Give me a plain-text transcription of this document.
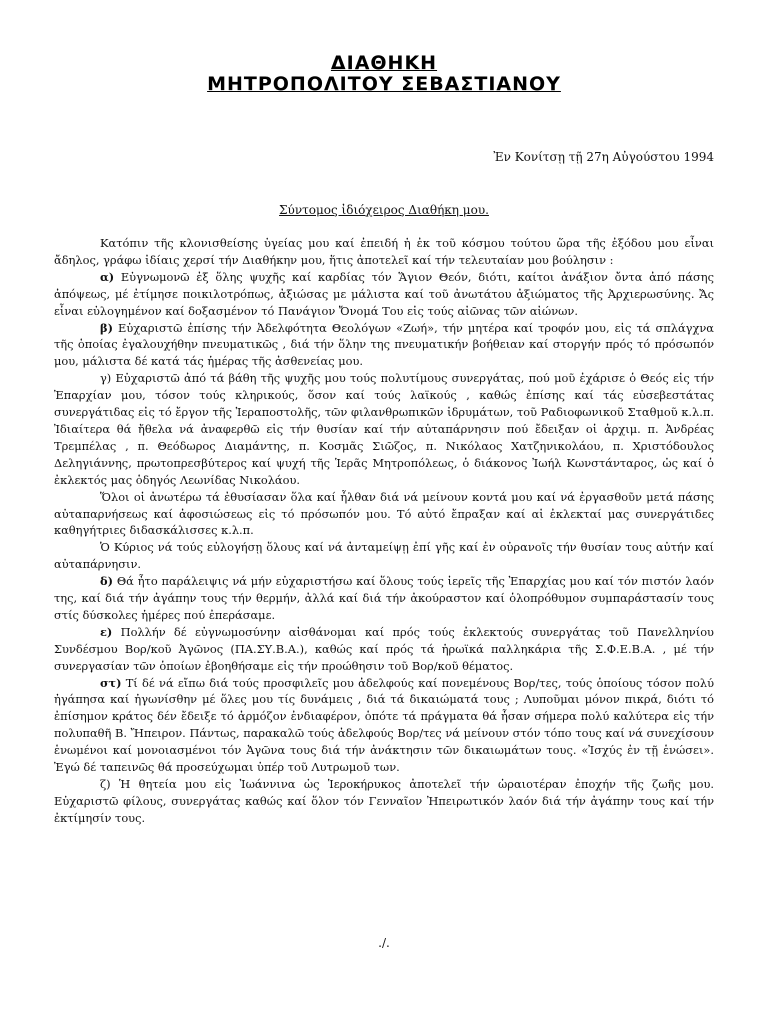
ΔΙΑΘΗΚΗ
ΜΗΤΡΟΠΟΛΙΤΟΥ ΣΕΒΑΣΤΙΑΝΟΥ
Ἐν Κονίτσῃ τῇ 27η Αὐγούστου 1994
Σύντομος ἰδιόχειρος Διαθήκη μου.

Κατόπιν τῆς κλονισθείσης ὑγείας μου καί ἐπειδή ἡ ἐκ τοῦ κόσμου τούτου ὥρα τῆς ἐξόδου μου εἶναι ἄδηλος, γράφω ἰδίαις χερσί τήν Διαθήκην μου, ἥτις ἀποτελεῖ καί τήν τελευταίαν μου βούλησιν :

α) Εὐγνωμονῶ ἐξ ὅλης ψυχῆς καί καρδίας τόν Ἅγιον Θεόν, διότι, καίτοι ἀνάξιον ὄντα ἀπό πάσης ἀπόψεως, μέ ἐτίμησε ποικιλοτρόπως, ἀξιώσας με μάλιστα καί τοῦ ἀνωτάτου ἀξιώματος τῆς Ἀρχιερωσύνης. Ἄς εἶναι εὐλογημένον καί δοξασμένον τό Πανάγιον Ὄνομά Του εἰς τούς αἰῶνας τῶν αἰώνων.

β) Εὐχαριστῶ ἐπίσης τήν Ἀδελφότητα Θεολόγων «Ζωή», τήν μητέρα καί τροφόν μου, εἰς τά σπλάγχνα τῆς ὁποίας ἐγαλουχήθην πνευματικῶς , διά τήν ὅλην της πνευματικήν βοήθειαν καί στοργήν πρός τό πρόσωπόν μου, μάλιστα δέ κατά τάς ἡμέρας τῆς ἀσθενείας μου.

γ) Εὐχαριστῶ ἀπό τά βάθη τῆς ψυχῆς μου τούς πολυτίμους συνεργάτας, πού μοῦ ἐχάρισε ὁ Θεός εἰς τήν Ἐπαρχίαν μου, τόσον τούς κληρικούς, ὅσον καί τούς λαϊκούς , καθώς ἐπίσης καί τάς εὐσεβεστάτας συνεργάτιδας εἰς τό ἔργον τῆς Ἱεραποστολῆς, τῶν φιλανθρωπικῶν ἱδρυμάτων, τοῦ Ραδιοφωνικοῦ Σταθμοῦ κ.λ.π. Ἰδιαίτερα θά ἤθελα νά ἀναφερθῶ εἰς τήν θυσίαν καί τήν αὐταπάρνησιν πού ἔδειξαν οἱ ἀρχιμ. π. Ἀνδρέας Τρεμπέλας , π. Θεόδωρος Διαμάντης, π. Κοσμᾶς Σιῶζος, π. Νικόλαος Χατζηνικολάου, π. Χριστόδουλος Δεληγιάννης, πρωτοπρεσβύτερος καί ψυχή τῆς Ἱερᾶς Μητροπόλεως, ὁ διάκονος Ἰωήλ Κωνστάνταρος, ὡς καί ὁ ἐκλεκτός μας ὁδηγός Λεωνίδας Νικολάου.

Ὅλοι οἱ ἀνωτέρω τά ἐθυσίασαν ὅλα καί ἦλθαν διά νά μείνουν κοντά μου καί νά ἐργασθοῦν μετά πάσης αὐταπαρνήσεως καί ἀφοσιώσεως εἰς τό πρόσωπόν μου. Τό αὐτό ἔπραξαν καί αἱ ἐκλεκταί μας συνεργάτιδες καθηγήτριες διδασκάλισσες κ.λ.π.

Ὁ Κύριος νά τούς εὐλογήσῃ ὅλους καί νά ἀνταμείψῃ ἐπί γῆς καί ἐν οὐρανοῖς τήν θυσίαν τους αὐτήν καί αὐταπάρνησιν.

δ) Θά ἦτο παράλειψις νά μήν εὐχαριστήσω καί ὅλους τούς ἱερεῖς τῆς Ἐπαρχίας μου καί τόν πιστόν λαόν της, καί διά τήν ἀγάπην τους τήν θερμήν, ἀλλά καί διά τήν ἀκούραστον καί ὁλοπρόθυμον συμπαράστασίν τους στίς δύσκολες ἡμέρες πού ἐπεράσαμε.

ε) Πολλήν δέ εὐγνωμοσύνην αἰσθάνομαι καί πρός τούς ἐκλεκτούς συνεργάτας τοῦ Πανελληνίου Συνδέσμου Βορ/κοῦ Ἀγῶνος (ΠΑ.ΣΥ.Β.Α.), καθώς καί πρός τά ἡρωϊκά παλληκάρια τῆς Σ.Φ.Ε.Β.Α. , μέ τήν συνεργασίαν τῶν ὁποίων ἐβοηθήσαμε εἰς τήν προώθησιν τοῦ Βορ/κοῦ θέματος.

στ) Τί δέ νά εἴπω διά τούς προσφιλεῖς μου ἀδελφούς καί πονεμένους Βορ/τες, τούς ὁποίους τόσον πολύ ἠγάπησα καί ἠγωνίσθην μέ ὅλες μου τίς δυνάμεις , διά τά δικαιώματά τους ; Λυποῦμαι μόνον πικρά, διότι τό ἐπίσημον κράτος δέν ἔδειξε τό ἁρμόζον ἐνδιαφέρον, ὁπότε τά πράγματα θά ἦσαν σήμερα πολύ καλύτερα εἰς τήν πολυπαθῆ Β. Ἤπειρον. Πάντως, παρακαλῶ τούς ἀδελφούς Βορ/τες νά μείνουν στόν τόπο τους καί νά συνεχίσουν ἑνωμένοι καί μονοιασμένοι τόν Ἀγῶνα τους διά τήν ἀνάκτησιν τῶν δικαιωμάτων τους. «Ἰσχύς ἐν τῇ ἑνώσει». Ἐγώ δέ ταπεινῶς θά προσεύχωμαι ὑπέρ τοῦ Λυτρωμοῦ των.

ζ) Ἡ θητεία μου εἰς Ἰωάννινα ὡς Ἱεροκήρυκος ἀποτελεῖ τήν ὡραιοτέραν ἐποχήν τῆς ζωῆς μου. Εὐχαριστῶ φίλους, συνεργάτας καθώς καί ὅλον τόν Γενναῖον Ἠπειρωτικόν λαόν διά τήν ἀγάπην τους καί τήν ἐκτίμησίν τους.

./.
